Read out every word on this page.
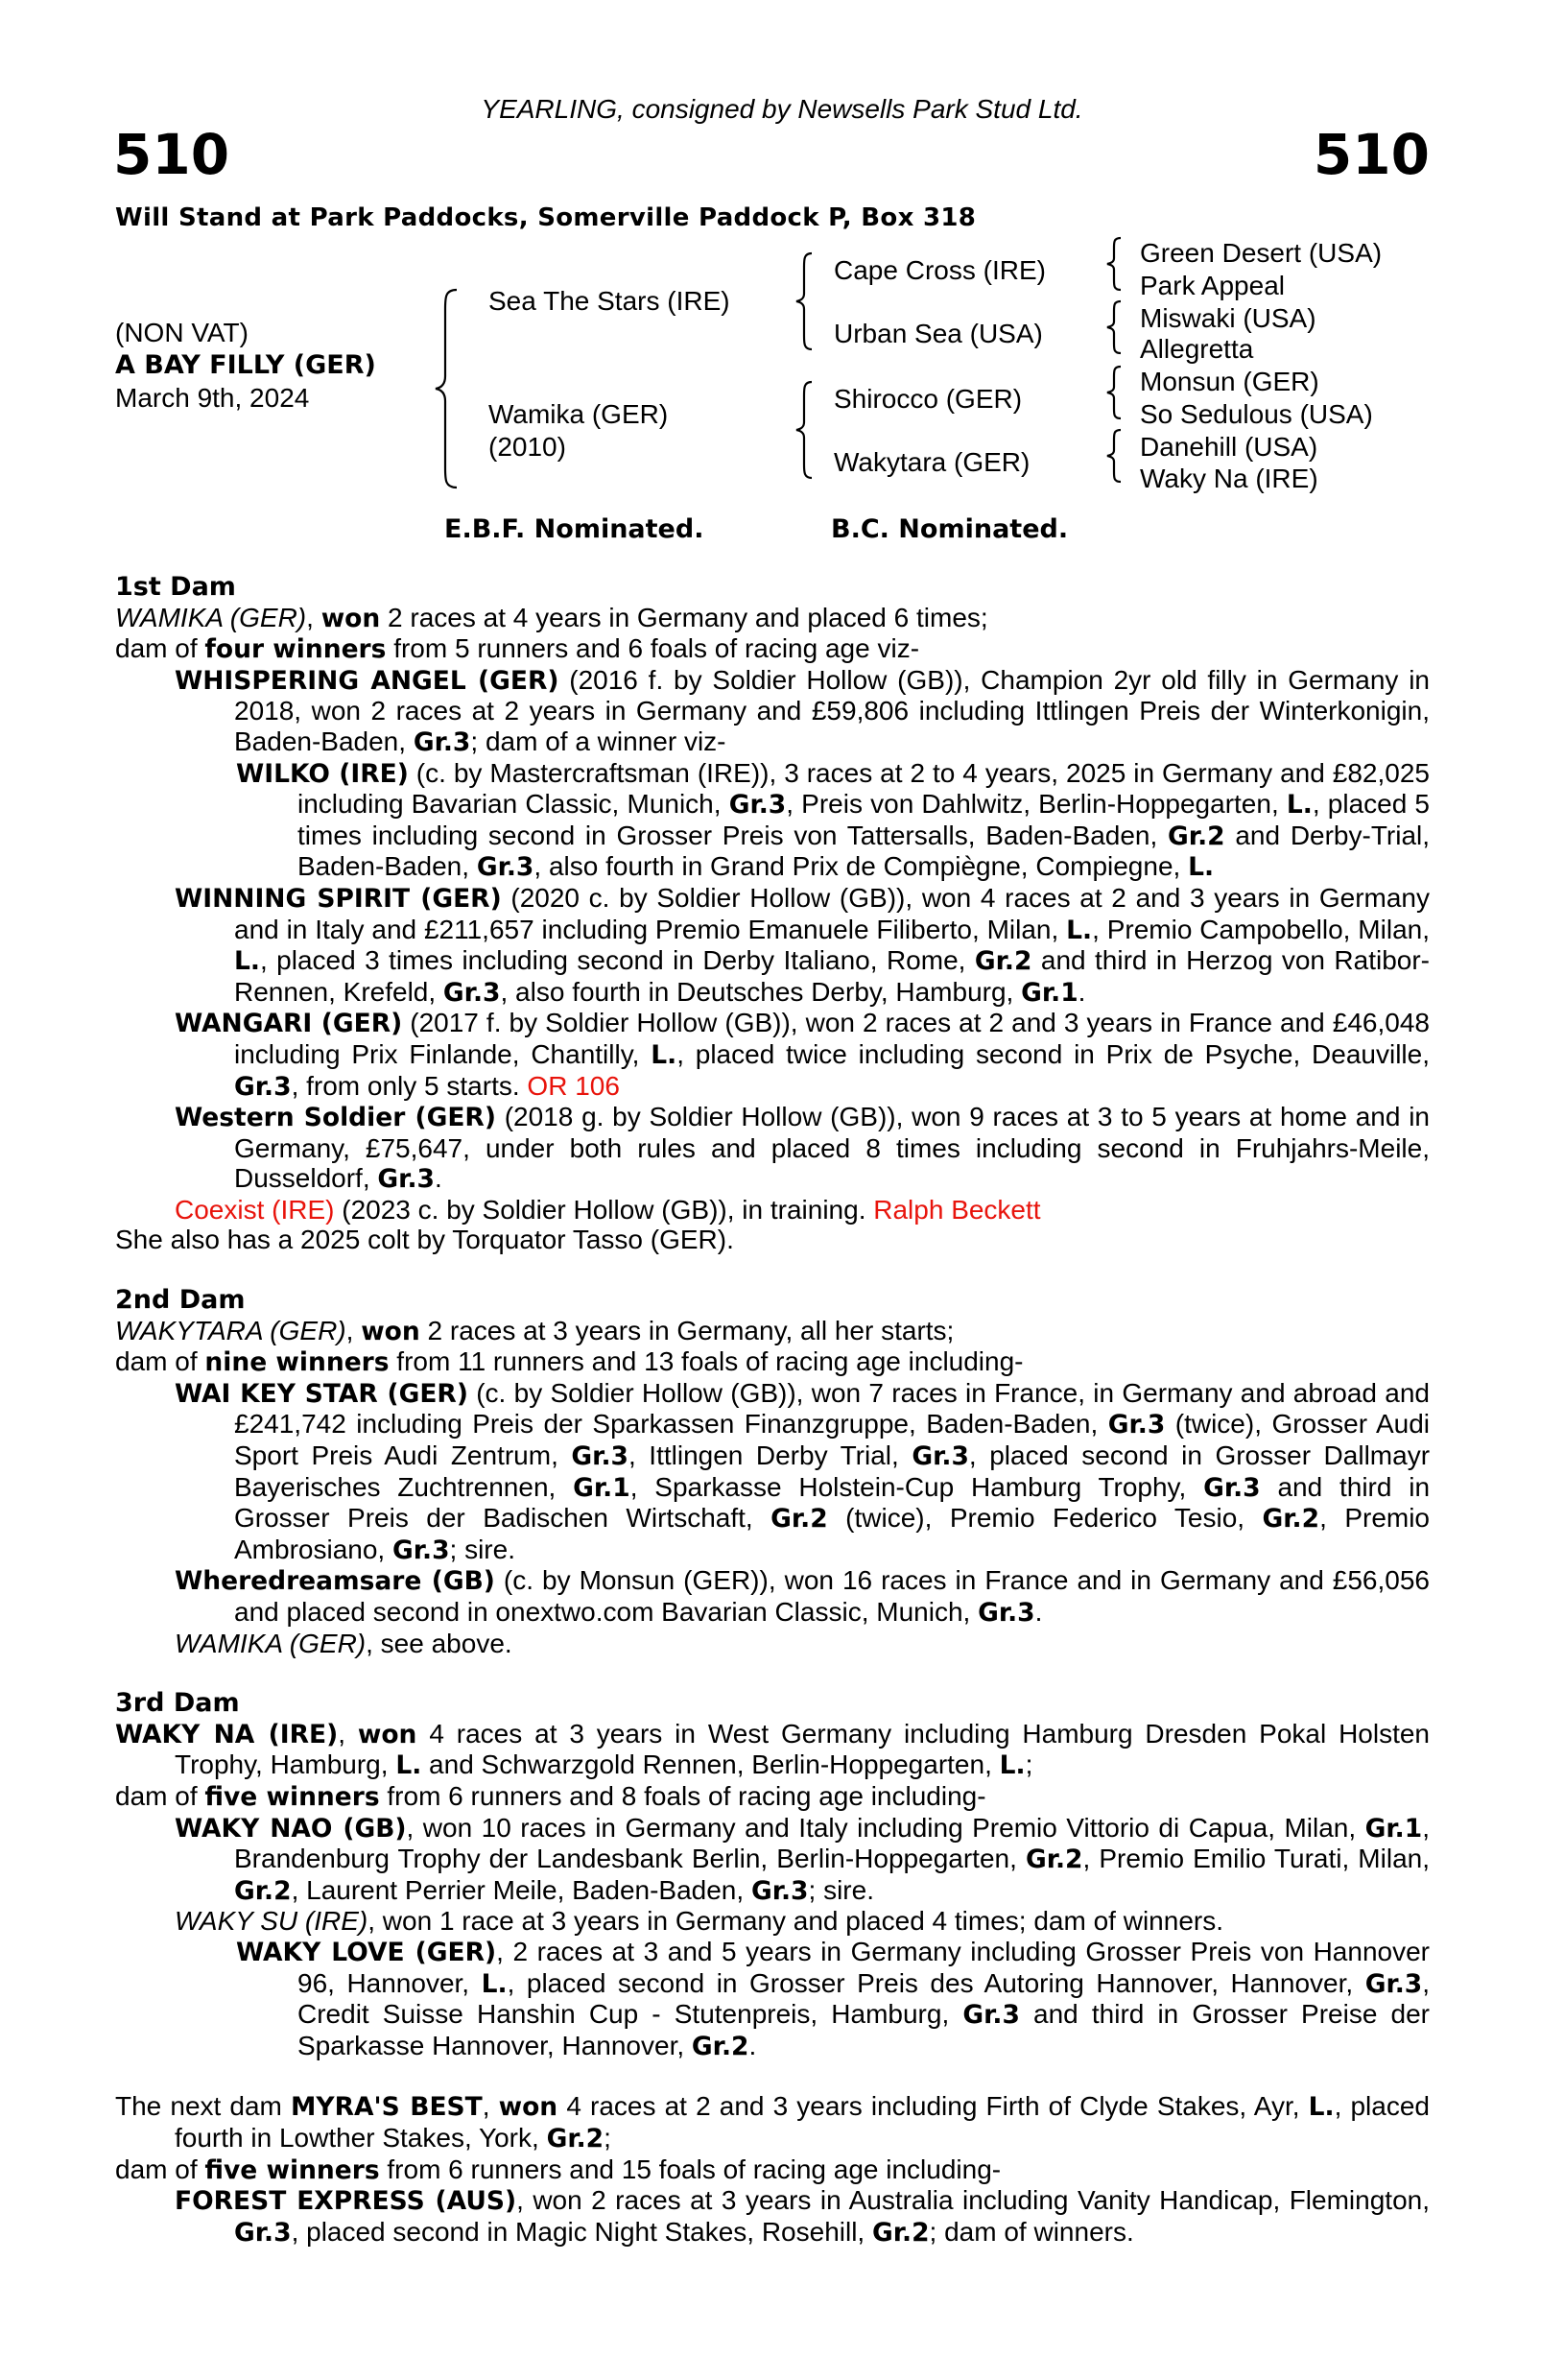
YEARLING, consigned by Newsells Park Stud Ltd.
510	510
Will Stand at Park Paddocks, Somerville Paddock P, Box 318
(NON VAT)
A BAY FILLY (GER)
March 9th, 2024
Sea The Stars (IRE)
Wamika (GER)
(2010)
Cape Cross (IRE)
Urban Sea (USA)
Shirocco (GER)
Wakytara (GER)
Green Desert (USA)
Park Appeal
Miswaki (USA)
Allegretta
Monsun (GER)
So Sedulous (USA)
Danehill (USA)
Waky Na (IRE)
E.B.F. Nominated.	B.C. Nominated.

1st Dam

WAMIKA (GER), won 2 races at 4 years in Germany and placed 6 times;

dam of four winners from 5 runners and 6 foals of racing age viz-

WHISPERING ANGEL (GER) (2016 f. by Soldier Hollow (GB)), Champion 2yr old filly in Germany in 2018, won 2 races at 2 years in Germany and £59,806 including Ittlingen Preis der Winterkonigin, Baden-Baden, Gr.3; dam of a winner viz-

WILKO (IRE) (c. by Mastercraftsman (IRE)), 3 races at 2 to 4 years, 2025 in Germany and £82,025 including Bavarian Classic, Munich, Gr.3, Preis von Dahlwitz, Berlin-Hoppegarten, L., placed 5 times including second in Grosser Preis von Tattersalls, Baden-Baden, Gr.2 and Derby-Trial, Baden-Baden, Gr.3, also fourth in Grand Prix de Compiègne, Compiegne, L.

WINNING SPIRIT (GER) (2020 c. by Soldier Hollow (GB)), won 4 races at 2 and 3 years in Germany and in Italy and £211,657 including Premio Emanuele Filiberto, Milan, L., Premio Campobello, Milan, L., placed 3 times including second in Derby Italiano, Rome, Gr.2 and third in Herzog von Ratibor-Rennen, Krefeld, Gr.3, also fourth in Deutsches Derby, Hamburg, Gr.1.

WANGARI (GER) (2017 f. by Soldier Hollow (GB)), won 2 races at 2 and 3 years in France and £46,048 including Prix Finlande, Chantilly, L., placed twice including second in Prix de Psyche, Deauville, Gr.3, from only 5 starts. OR 106

Western Soldier (GER) (2018 g. by Soldier Hollow (GB)), won 9 races at 3 to 5 years at home and in Germany, £75,647, under both rules and placed 8 times including second in Fruhjahrs-Meile, Dusseldorf, Gr.3.

Coexist (IRE) (2023 c. by Soldier Hollow (GB)), in training. Ralph Beckett

She also has a 2025 colt by Torquator Tasso (GER).

2nd Dam

WAKYTARA (GER), won 2 races at 3 years in Germany, all her starts;

dam of nine winners from 11 runners and 13 foals of racing age including-

WAI KEY STAR (GER) (c. by Soldier Hollow (GB)), won 7 races in France, in Germany and abroad and £241,742 including Preis der Sparkassen Finanzgruppe, Baden-Baden, Gr.3 (twice), Grosser Audi Sport Preis Audi Zentrum, Gr.3, Ittlingen Derby Trial, Gr.3, placed second in Grosser Dallmayr Bayerisches Zuchtrennen, Gr.1, Sparkasse Holstein-Cup Hamburg Trophy, Gr.3 and third in Grosser Preis der Badischen Wirtschaft, Gr.2 (twice), Premio Federico Tesio, Gr.2, Premio Ambrosiano, Gr.3; sire.

Wheredreamsare (GB) (c. by Monsun (GER)), won 16 races in France and in Germany and £56,056 and placed second in onextwo.com Bavarian Classic, Munich, Gr.3.

WAMIKA (GER), see above.

3rd Dam

WAKY NA (IRE), won 4 races at 3 years in West Germany including Hamburg Dresden Pokal Holsten Trophy, Hamburg, L. and Schwarzgold Rennen, Berlin-Hoppegarten, L.;

dam of five winners from 6 runners and 8 foals of racing age including-

WAKY NAO (GB), won 10 races in Germany and Italy including Premio Vittorio di Capua, Milan, Gr.1, Brandenburg Trophy der Landesbank Berlin, Berlin-Hoppegarten, Gr.2, Premio Emilio Turati, Milan, Gr.2, Laurent Perrier Meile, Baden-Baden, Gr.3; sire.

WAKY SU (IRE), won 1 race at 3 years in Germany and placed 4 times; dam of winners.

WAKY LOVE (GER), 2 races at 3 and 5 years in Germany including Grosser Preis von Hannover 96, Hannover, L., placed second in Grosser Preis des Autoring Hannover, Hannover, Gr.3, Credit Suisse Hanshin Cup - Stutenpreis, Hamburg, Gr.3 and third in Grosser Preise der Sparkasse Hannover, Hannover, Gr.2.

The next dam MYRA'S BEST, won 4 races at 2 and 3 years including Firth of Clyde Stakes, Ayr, L., placed fourth in Lowther Stakes, York, Gr.2;

dam of five winners from 6 runners and 15 foals of racing age including-

FOREST EXPRESS (AUS), won 2 races at 3 years in Australia including Vanity Handicap, Flemington, Gr.3, placed second in Magic Night Stakes, Rosehill, Gr.2; dam of winners.
